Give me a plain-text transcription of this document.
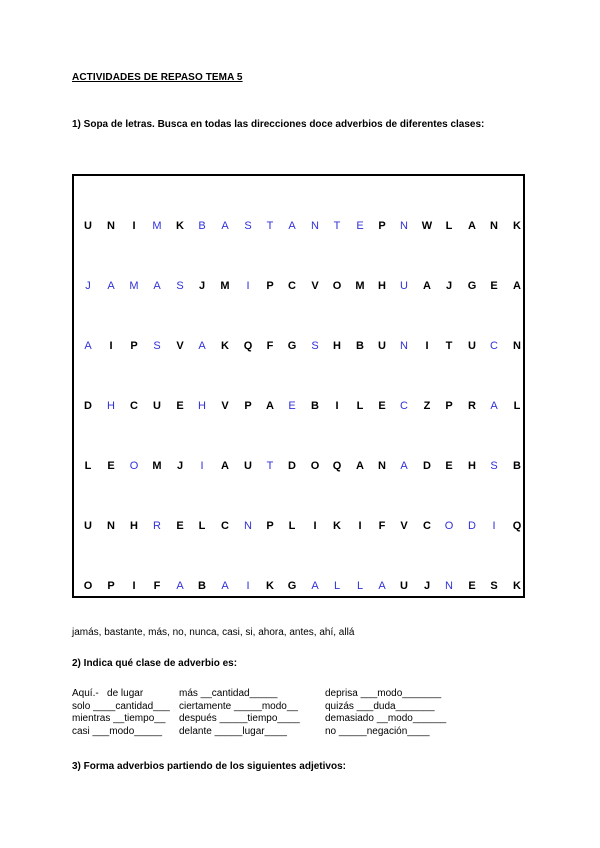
ACTIVIDADES DE REPASO TEMA 5
1) Sopa de letras. Busca en todas las direcciones doce adverbios de diferentes clases:
U	N	I	M	K	B	A	S	T	A	N	T	E	P	N	W	L	A	N	K
J	A	M	A	S	J	M	I	P	C	V	O	M	H	U	A	J	G	E	A
A	I	P	S	V	A	K	Q	F	G	S	H	B	U	N	I	T	U	C	N
D	H	C	U	E	H	V	P	A	E	B	I	L	E	C	Z	P	R	A	L
L	E	O	M	J	I	A	U	T	D	O	Q	A	N	A	D	E	H	S	B
U	N	H	R	E	L	C	N	P	L	I	K	I	F	V	C	O	D	I	Q
O	P	I	F	A	B	A	I	K	G	A	L	L	A	U	J	N	E	S	K
jamás, bastante, más, no, nunca, casi, si, ahora, antes, ahí, allá
2) Indica qué clase de adverbio es:
Aquí.-   de lugar	más __cantidad_____	deprisa ___modo_______
solo ____cantidad___ ciertamente _____modo__	quizás ___duda_______
mientras __tiempo__ después _____tiempo____	demasiado __modo______
casi ___modo_____ delante _____lugar____	no _____negación____
3) Forma adverbios partiendo de los siguientes adjetivos:
